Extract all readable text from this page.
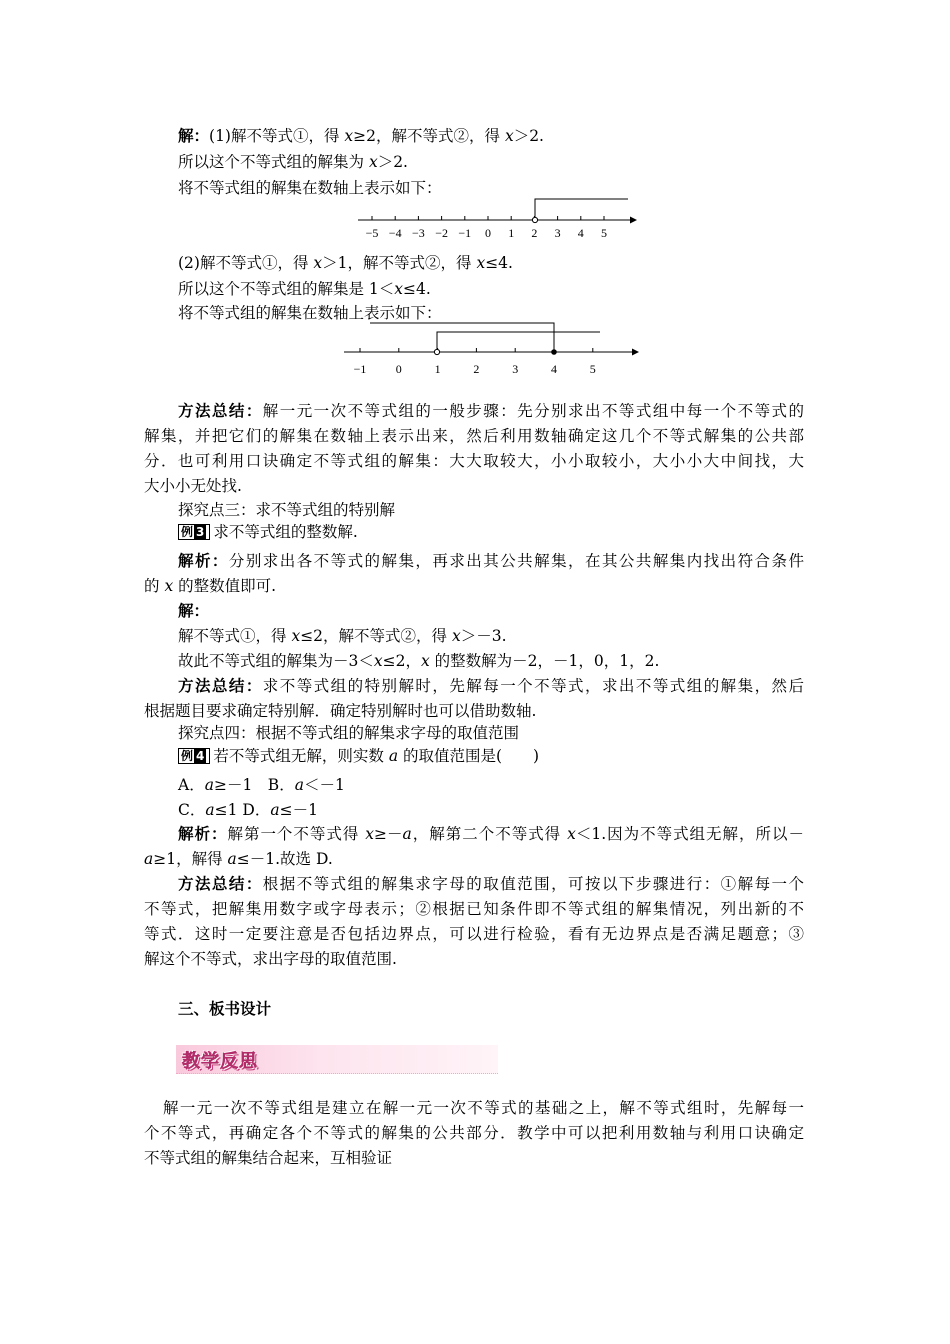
解：(1)解不等式①，得 x≥2，解不等式②，得 x＞2.
所以这个不等式组的解集为 x＞2.
将不等式组的解集在数轴上表示如下：
−5 −4 −3 −2 −1 0 1 2 3 4 5
(2)解不等式①，得 x＞1，解不等式②，得 x≤4.
所以这个不等式组的解集是 1＜x≤4.
将不等式组的解集在数轴上表示如下：
−1 0	1	2	3	4	5
方法总结：解一元一次不等式组的一般步骤：先分别求出不等式组中每一个不等式的
解集，并把它们的解集在数轴上表示出来，然后利用数轴确定这几个不等式解集的公共部
分．也可利用口诀确定不等式组的解集：大大取较大，小小取较小，大小小大中间找，大
大小小无处找.
探究点三：求不等式组的特别解
例 3 求不等式组的整数解.
解析：分别求出各不等式的解集，再求出其公共解集，在其公共解集内找出符合条件
的 x 的整数值即可.
解：
解不等式①，得 x≤2，解不等式②，得 x＞－3.
故此不等式组的解集为－3＜x≤2，x 的整数解为－2，－1，0，1，2.
方法总结：求不等式组的特别解时，先解每一个不等式，求出不等式组的解集，然后
根据题目要求确定特别解．确定特别解时也可以借助数轴.
探究点四：根据不等式组的解集求字母的取值范围
例 4 若不等式组无解，则实数 a 的取值范围是(　　)
A．a≥－1　B．a＜－1
C．a≤1 D．a≤－1
解析：解第一个不等式得 x≥－a，解第二个不等式得 x＜1.因为不等式组无解，所以－
a≥1，解得 a≤－1.故选 D.
方法总结：根据不等式组的解集求字母的取值范围，可按以下步骤进行：①解每一个
不等式，把解集用数字或字母表示；②根据已知条件即不等式组的解集情况，列出新的不
等式．这时一定要注意是否包括边界点，可以进行检验，看有无边界点是否满足题意；③
解这个不等式，求出字母的取值范围.
三、板书设计
教学反思
解一元一次不等式组是建立在解一元一次不等式的基础之上，解不等式组时，先解每一
个不等式，再确定各个不等式的解集的公共部分．教学中可以把利用数轴与利用口诀确定
不等式组的解集结合起来，互相验证
